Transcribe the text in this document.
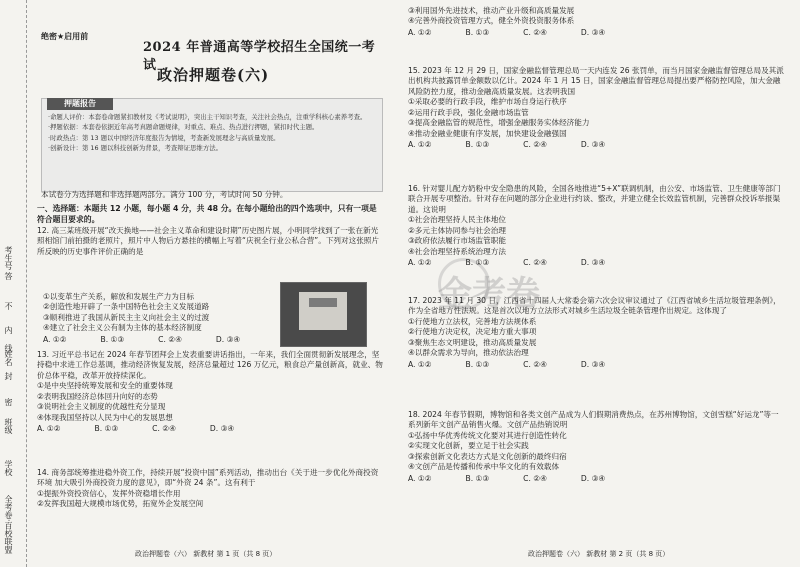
考生号
答
不
内
线
封
密
姓名
班级
学校
全考卷·百校联盟
绝密★启用前
2024 年普通高等学校招生全国统一考试
政治押题卷(六)
押题报告
·命题人评价：本套卷命题紧扣教材及《考试说明》，突出主干知识考查，关注社会热点，注重学科核心素养考查。
·押题依据：本套卷依据近年高考真题命题规律，对重点、难点、热点进行押题，紧扣时代主题。
·时政热点：第 13 题以中国经济年度报告为情境，考查新发展理念与高质量发展。
·创新设计：第 16 题以科技创新为背景，考查辩证思维方法。
本试卷分为选择题和非选择题两部分。满分 100 分，考试时间 50 分钟。
一、选择题：本题共 12 小题，每小题 4 分，共 48 分。在每小题给出的四个选项中，只有一项是符合题目要求的。

12. 高三某班级开展“改天换地——社会主义革命和建设时期”历史图片展，小明同学找到了一张在新光照相馆门前拍摄的老照片，照片中人物后方悬挂的横幅上写着“庆祝全行业公私合营”。下列对这张照片所反映的历史事件评价正确的是

①以变革生产关系，解放和发展生产力为目标

②创造性地开辟了一条中国特色社会主义发展道路

③顺利推进了我国从新民主主义向社会主义的过渡

④建立了社会主义公有制为主体的基本经济制度

A. ①②	B. ①③	C. ②④	D. ③④

13. 习近平总书记在 2024 年春节团拜会上发表重要讲话指出，一年来，我们全面贯彻新发展理念，坚持稳中求进工作总基调，推动经济恢复发展，经济总量超过 126 万亿元，粮食总产量创新高，就业、物价总体平稳，改革开放持续深化。

①是中央坚持统筹发展和安全的重要体现

②表明我国经济总体回升向好的态势

③说明社会主义制度的优越性充分显现

④体现我国坚持以人民为中心的发展思想

A. ①②	B. ①③	C. ②④	D. ③④

14. 商务部统筹推进稳外资工作，持续开展“投资中国”系列活动，推动出台《关于进一步优化外商投资环境 加大吸引外商投资力度的意见》，即“外资 24 条”。这有利于

①提振外资投资信心，发挥外资稳增长作用

②发挥我国超大规模市场优势，拓宽外企发展空间

政治押题卷（六） 新教材 第 1 页（共 8 页）
金考卷

③利用国外先进技术，推动产业升级和高质量发展

④完善外商投资管理方式，健全外资投资服务体系

A. ①②	B. ①③	C. ②④	D. ③④

15. 2023 年 12 月 29 日，国家金融监督管理总局一天内连发 26 张罚单，而当月国家金融监督管理总局及其派出机构共披露罚单金额数以亿计。2024 年 1 月 15 日，国家金融监督管理总局提出要严格防控风险，加大金融风险防控力度，推动金融高质量发展。这表明我国

①采取必要的行政手段，维护市场自身运行秩序

②运用行政手段，强化金融市场监管

③提高金融监管的规范性，增强金融服务实体经济能力

④推动金融业健康有序发展，加快建设金融强国

A. ①②	B. ①③	C. ②④	D. ③④

16. 针对婴儿配方奶粉中安全隐患的风险，全国各地推进“5+X”联调机制，由公安、市场监管、卫生健康等部门联合开展专项整治。针对存在问题的部分企业进行约谈、整改，并建立健全长效监管机制，完善群众投诉举报渠道。这说明

①社会治理坚持人民主体地位

②多元主体协同参与社会治理

③政府依法履行市场监管职能

④社会治理坚持系统治理方法

A. ①②	B. ①③	C. ②④	D. ③④

17. 2023 年 11 月 30 日，江西省十四届人大常委会第六次会议审议通过了《江西省城乡生活垃圾管理条例》，作为全省地方性法规。这是首次以地方立法形式对城乡生活垃圾全链条管理作出规定。这体现了

①行使地方立法权，完善地方法规体系

②行使地方决定权，决定地方重大事项

③聚焦生态文明建设，推动高质量发展

④以群众需求为导向，推动依法治理

A. ①②	B. ①③	C. ②④	D. ③④

18. 2024 年春节假期，博物馆和各类文创产品成为人们假期消费热点，在苏州博物馆，文创雪糕“好运龙”等一系列新年文创产品销售火爆。文创产品热销说明

①弘扬中华优秀传统文化要对其进行创造性转化

②实现文化创新，要立足于社会实践

③探索创新文化表达方式是文化创新的最终归宿

④文创产品是传播和传承中华文化的有效载体

A. ①②	B. ①③	C. ②④	D. ③④
政治押题卷（六） 新教材 第 2 页（共 8 页）
